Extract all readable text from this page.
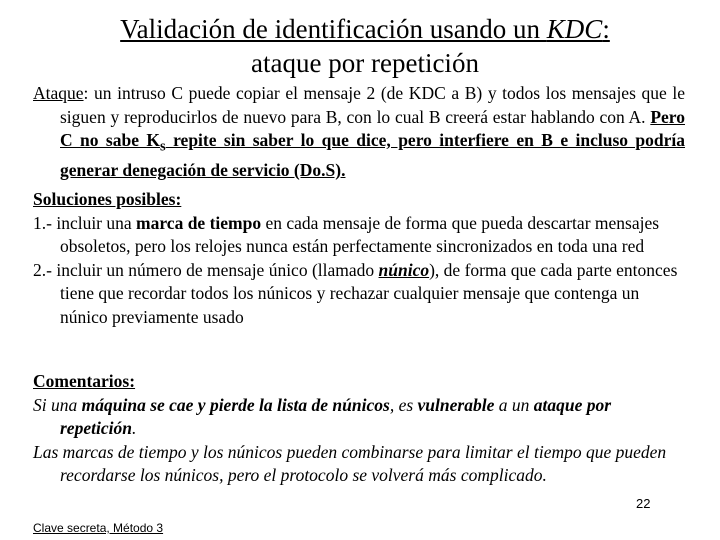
Validación de identificación usando un KDC:
ataque por repetición

Ataque: un intruso C puede copiar el mensaje 2 (de KDC a B) y todos los mensajes que le siguen y reproducirlos de nuevo para B, con lo cual B creerá estar hablando con A. Pero C no sabe $K_s$ repite sin saber lo que dice, pero interfiere en B e incluso podría generar denegación de servicio (Do.S).

Soluciones posibles:

1.- incluir una marca de tiempo en cada mensaje de forma que pueda descartar mensajes obsoletos, pero los relojes nunca están perfectamente sincronizados en toda una red

2.- incluir un número de mensaje único (llamado núnico), de forma que cada parte entonces tiene que recordar todos los núnicos y rechazar cualquier mensaje que contenga un núnico previamente usado

Comentarios:

Si una máquina se cae y pierde la lista de núnicos, es vulnerable a un ataque por repetición.

Las marcas de tiempo y los núnicos pueden combinarse para limitar el tiempo que pueden recordarse los núnicos, pero el protocolo se volverá más complicado.

22
Clave secreta, Método 3
